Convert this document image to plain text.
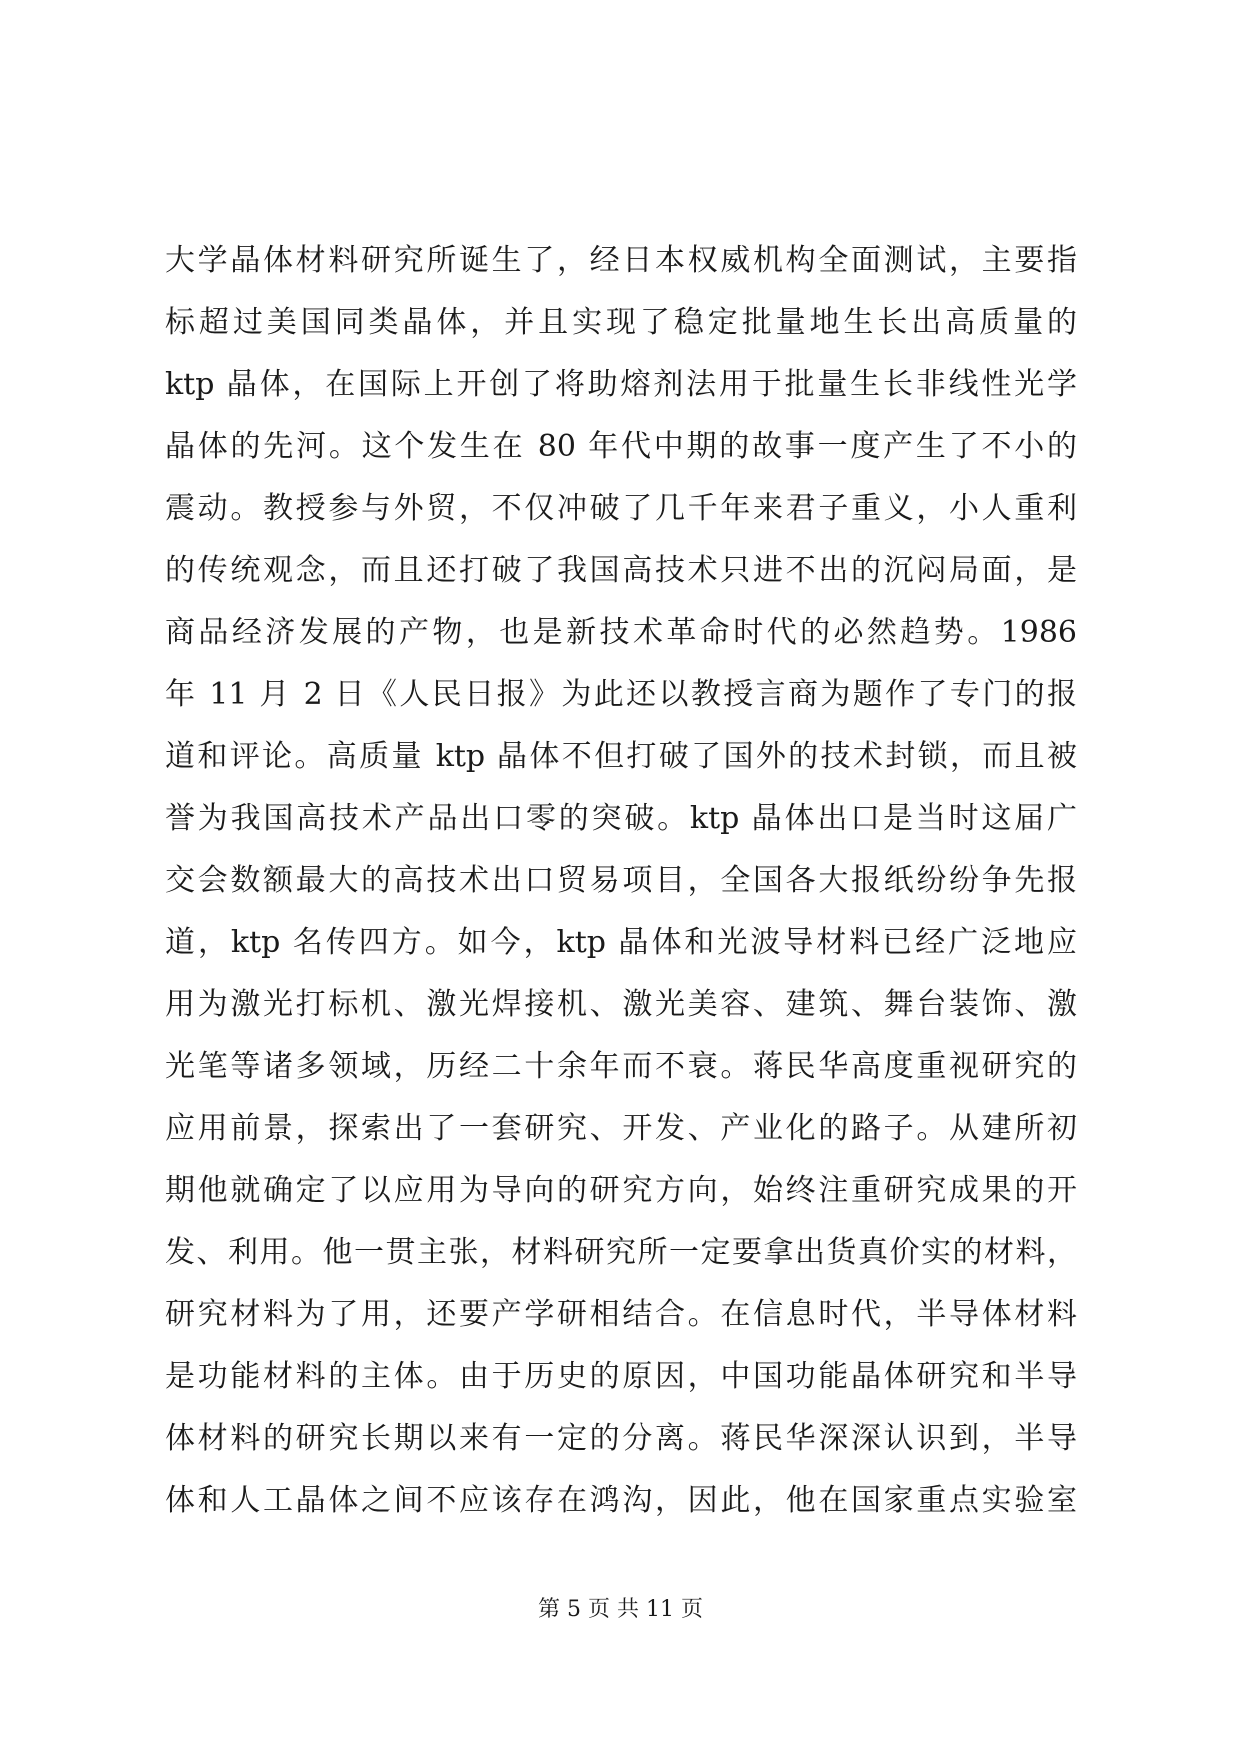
大学晶体材料研究所诞生了，经日本权威机构全面测试，主要指
标超过美国同类晶体，并且实现了稳定批量地生长出高质量的
ktp 晶体，在国际上开创了将助熔剂法用于批量生长非线性光学
晶体的先河。这个发生在 80 年代中期的故事一度产生了不小的
震动。教授参与外贸，不仅冲破了几千年来君子重义，小人重利
的传统观念，而且还打破了我国高技术只进不出的沉闷局面，是
商品经济发展的产物，也是新技术革命时代的必然趋势。1986
年 11 月 2 日《人民日报》为此还以教授言商为题作了专门的报
道和评论。高质量 ktp 晶体不但打破了国外的技术封锁，而且被
誉为我国高技术产品出口零的突破。ktp 晶体出口是当时这届广
交会数额最大的高技术出口贸易项目，全国各大报纸纷纷争先报
道，ktp 名传四方。如今，ktp 晶体和光波导材料已经广泛地应
用为激光打标机、激光焊接机、激光美容、建筑、舞台装饰、激
光笔等诸多领域，历经二十余年而不衰。蒋民华高度重视研究的
应用前景，探索出了一套研究、开发、产业化的路子。从建所初
期他就确定了以应用为导向的研究方向，始终注重研究成果的开
发、利用。他一贯主张，材料研究所一定要拿出货真价实的材料，
研究材料为了用，还要产学研相结合。在信息时代，半导体材料
是功能材料的主体。由于历史的原因，中国功能晶体研究和半导
体材料的研究长期以来有一定的分离。蒋民华深深认识到，半导
体和人工晶体之间不应该存在鸿沟，因此，他在国家重点实验室
第 5 页 共 11 页
